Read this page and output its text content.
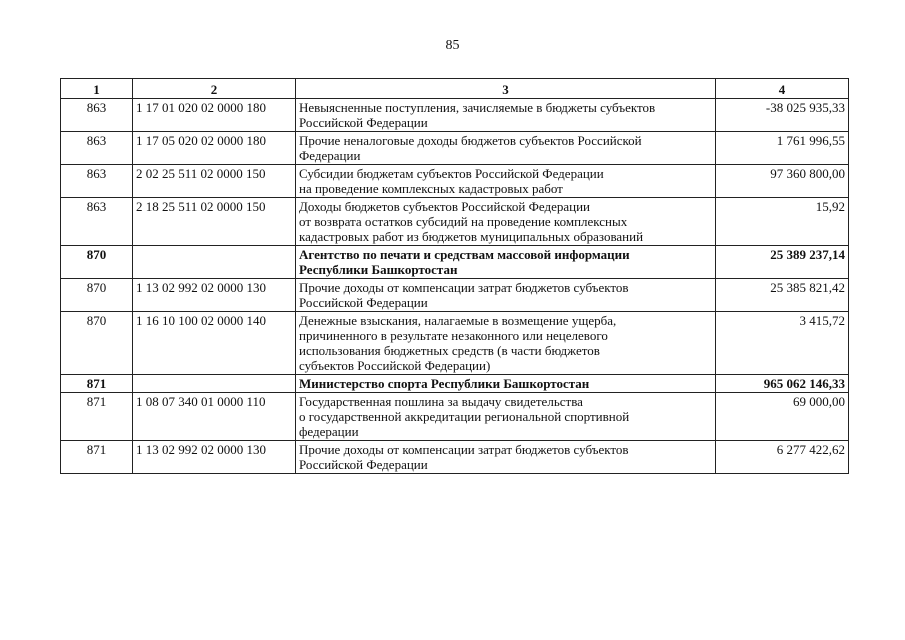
85
1	2	3	4
863	1 17 01 020 02 0000 180	Невыясненные поступления, зачисляемые в бюджеты субъектов
Российской Федерации	-38 025 935,33
863	1 17 05 020 02 0000 180	Прочие неналоговые доходы бюджетов субъектов Российской
Федерации	1 761 996,55
863	2 02 25 511 02 0000 150	Субсидии бюджетам субъектов Российской Федерации
на проведение комплексных кадастровых работ	97 360 800,00
863	2 18 25 511 02 0000 150	Доходы бюджетов субъектов Российской Федерации
от возврата остатков субсидий на проведение комплексных
кадастровых работ из бюджетов муниципальных образований	15,92
870		Агентство по печати и средствам массовой информации
Республики Башкортостан	25 389 237,14
870	1 13 02 992 02 0000 130	Прочие доходы от компенсации затрат бюджетов субъектов
Российской Федерации	25 385 821,42
870	1 16 10 100 02 0000 140	Денежные взыскания, налагаемые в возмещение ущерба,
причиненного в результате незаконного или нецелевого
использования бюджетных средств (в части бюджетов
субъектов Российской Федерации)	3 415,72
871		Министерство спорта Республики Башкортостан	965 062 146,33
871	1 08 07 340 01 0000 110	Государственная пошлина за выдачу свидетельства
о государственной аккредитации региональной спортивной
федерации	69 000,00
871	1 13 02 992 02 0000 130	Прочие доходы от компенсации затрат бюджетов субъектов
Российской Федерации	6 277 422,62
